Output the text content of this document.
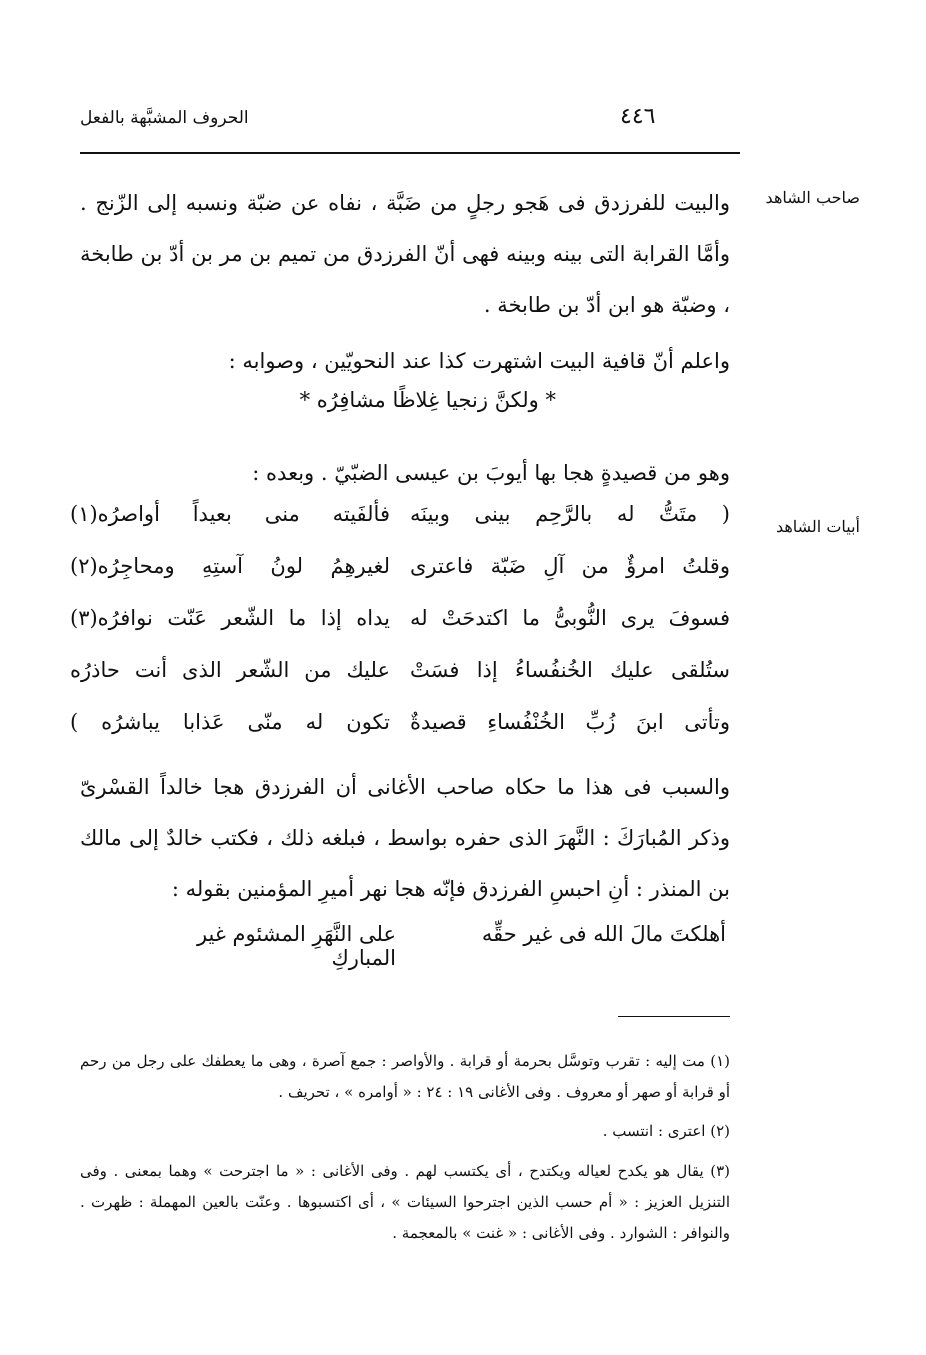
الحروف المشبَّهة بالفعل	٤٤٦
صاحب الشاهد
أبيات الشاهد
والبيت للفرزدق فى هَجو رجلٍ من ضَبَّة ، نفاه عن ضبّة ونسبه إلى الزّنج . وأمَّا القرابة التى بينه وبينه فهى أنّ الفرزدق من تميم بن مر بن أدّ بن طابخة ، وضبّة هو ابن أدّ بن طابخة .
واعلم أنّ قافية البيت اشتهرت كذا عند النحويّين ، وصوابه :
* ولكنَّ زنجيا غِلاظًا مشافِرُه *
وهو من قصيدةٍ هجا بها أيوبَ بن عيسى الضبّيّ . وبعده :
( متَتُّ له بالرَّحِم بينى وبينَه
فألفَيته منى بعيداً أواصرُه(١)
وقلتُ امرؤٌ من آلِ ضَبّة فاعترى
لغيرهِمُ لونُ آستِهِ ومحاجِرُه(٢)
فسوفَ يرى النُّوبىُّ ما اكتدحَتْ له
يداه إذا ما الشّعر عَنّت نوافرُه(٣)
ستُلقى عليك الخُنفُساءُ إذا فسَتْ
عليك من الشّعر الذى أنت حاذرُه
وتأتى ابنَ زُبِّ الخُنْفُساءِ قصيدةٌ
تكون له منّى عَذابا يباشرُه )
والسبب فى هذا ما حكاه صاحب الأغانى أن الفرزدق هجا خالداً القسْرىّ وذكر المُبارَكَ : النَّهرَ الذى حفره بواسط ، فبلغه ذلك ، فكتب خالدٌ إلى مالك بن المنذر : أنِ احبسِ الفرزدق فإنّه هجا نهر أميرِ المؤمنين بقوله :
أهلكتَ مالَ الله فى غير حقِّه
على النَّهَرِ المشئوم غير المباركِ
(١) مت إليه : تقرب وتوسَّل بحرمة أو قرابة . والأواصر : جمع آصرة ، وهى ما يعطفك على رجل من رحم أو قرابة أو صهر أو معروف . وفى الأغانى ١٩ : ٢٤ : « أوامره » ، تحريف .
(٢) اعترى : انتسب .
(٣) يقال هو يكدح لعياله ويكتدح ، أى يكتسب لهم . وفى الأغانى : « ما اجترحت » وهما بمعنى . وفى التنزيل العزيز : « أم حسب الذين اجترحوا السيئات » ، أى اكتسبوها . وعنّت بالعين المهملة : ظهرت . والنوافر : الشوارد . وفى الأغانى : « غنت » بالمعجمة .
